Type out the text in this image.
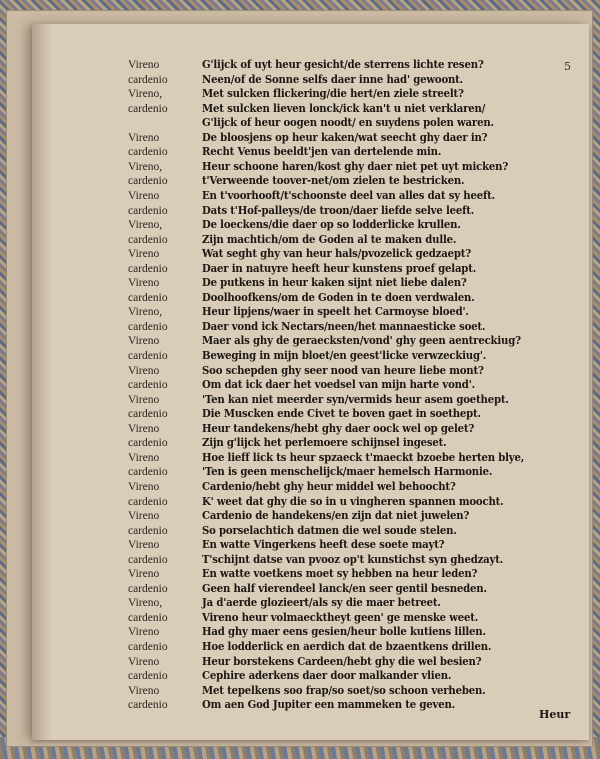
5
Vireno	G'lijck of uyt heur gesicht/de sterrens lichte resen?
cardenio	Neen/of de Sonne selfs daer inne had' gewoont.
Vireno,	Met sulcken flickering/die hert/en ziele streelt?
cardenio	Met sulcken lieven lonck/ick kan't u niet verklaren/
G'lijck of heur oogen noodt/ en suydens polen waren.
Vireno	De bloosjens op heur kaken/wat seecht ghy daer in?
cardenio	Recht Venus beeldt'jen van dertelende min.
Vireno,	Heur schoone haren/kost ghy daer niet pet uyt micken?
cardenio	t'Verweende toover-net/om zielen te bestricken.
Vireno	En t'voorhooft/t'schoonste deel van alles dat sy heeft.
cardenio	Dats t'Hof-palleys/de troon/daer liefde selve leeft.
Vireno,	De loeckens/die daer op so lodderlicke krullen.
cardenio	Zijn machtich/om de Goden al te maken dulle.
Vireno	Wat seght ghy van heur hals/pvozelick gedzaept?
cardenio	Daer in natuyre heeft heur kunstens proef gelapt.
Vireno	De putkens in heur kaken sijnt niet liebe dalen?
cardenio	Doolhoofkens/om de Goden in te doen verdwalen.
Vireno,	Heur lipjens/waer in speelt het Carmoyse bloed'.
cardenio	Daer vond ick Nectars/neen/het mannaesticke soet.
Vireno	Maer als ghy de geraecksten/vond' ghy geen aentreckiug?
cardenio	Beweging in mijn bloet/en geest'licke verwzeckiug'.
Vireno	Soo schepden ghy seer nood van heure liebe mont?
cardenio	Om dat ick daer het voedsel van mijn harte vond'.
Vireno	'Ten kan niet meerder syn/vermids heur asem goethept.
cardenio	Die Muscken ende Civet te boven gaet in soethept.
Vireno	Heur tandekens/hebt ghy daer oock wel op gelet?
cardenio	Zijn g'lijck het perlemoere schijnsel ingeset.
Vireno	Hoe lieff lick ts heur spzaeck t'maeckt bzoebe herten blye,
cardenio	'Ten is geen menschelijck/maer hemelsch Harmonie.
Vireno	Cardenio/hebt ghy heur middel wel behoocht?
cardenio	K' weet dat ghy die so in u vingheren spannen moocht.
Vireno	Cardenio de handekens/en zijn dat niet juwelen?
cardenio	So porselachtich datmen die wel soude stelen.
Vireno	En watte Vingerkens heeft dese soete mayt?
cardenio	T'schijnt datse van pvooz op't kunstichst syn ghedzayt.
Vireno	En watte voetkens moet sy hebben na heur leden?
cardenio	Geen half vierendeel lanck/en seer gentil besneden.
Vireno,	Ja d'aerde glozieert/als sy die maer betreet.
cardenio	Vireno heur volmaecktheyt geen' ge menske weet.
Vireno	Had ghy maer eens gesien/heur bolle kutiens lillen.
cardenio	Hoe lodderlick en aerdich dat de bzaentkens drillen.
Vireno	Heur borstekens Cardeen/hebt ghy die wel besien?
cardenio	Cephire aderkens daer door malkander vlien.
Vireno	Met tepelkens soo frap/so soet/so schoon verheben.
cardenio	Om aen God Jupiter een mammeken te geven.
Heur
